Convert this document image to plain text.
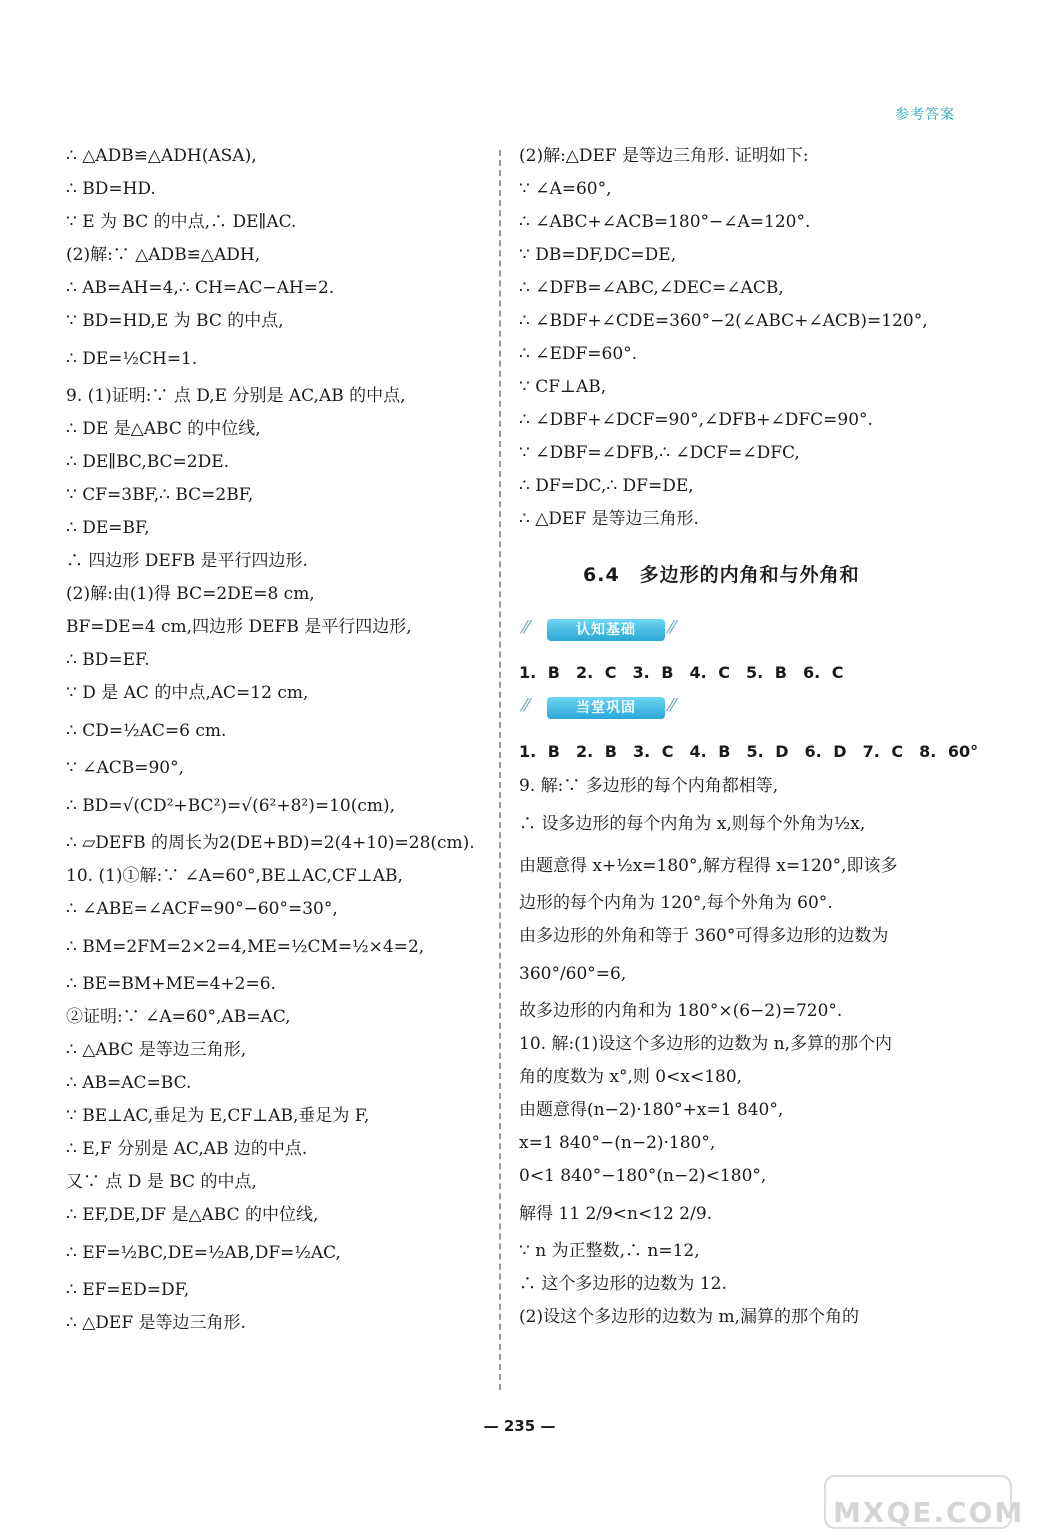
参考答案
∴ △ADB≌△ADH(ASA),
∴ BD=HD.
∵ E 为 BC 的中点,∴ DE∥AC.
(2)解:∵ △ADB≌△ADH,
∴ AB=AH=4,∴ CH=AC−AH=2.
∵ BD=HD,E 为 BC 的中点,
∴ DE=½CH=1.
9. (1)证明:∵ 点 D,E 分别是 AC,AB 的中点,
∴ DE 是△ABC 的中位线,
∴ DE∥BC,BC=2DE.
∵ CF=3BF,∴ BC=2BF,
∴ DE=BF,
∴ 四边形 DEFB 是平行四边形.
(2)解:由(1)得 BC=2DE=8 cm,
BF=DE=4 cm,四边形 DEFB 是平行四边形,
∴ BD=EF.
∵ D 是 AC 的中点,AC=12 cm,
∴ CD=½AC=6 cm.
∵ ∠ACB=90°,
∴ BD=√(CD²+BC²)=√(6²+8²)=10(cm),
∴ ▱DEFB 的周长为2(DE+BD)=2(4+10)=28(cm).
10. (1)①解:∵ ∠A=60°,BE⊥AC,CF⊥AB,
∴ ∠ABE=∠ACF=90°−60°=30°,
∴ BM=2FM=2×2=4,ME=½CM=½×4=2,
∴ BE=BM+ME=4+2=6.
②证明:∵ ∠A=60°,AB=AC,
∴ △ABC 是等边三角形,
∴ AB=AC=BC.
∵ BE⊥AC,垂足为 E,CF⊥AB,垂足为 F,
∴ E,F 分别是 AC,AB 边的中点.
又∵ 点 D 是 BC 的中点,
∴ EF,DE,DF 是△ABC 的中位线,
∴ EF=½BC,DE=½AB,DF=½AC,
∴ EF=ED=DF,
∴ △DEF 是等边三角形.
(2)解:△DEF 是等边三角形. 证明如下:
∵ ∠A=60°,
∴ ∠ABC+∠ACB=180°−∠A=120°.
∵ DB=DF,DC=DE,
∴ ∠DFB=∠ABC,∠DEC=∠ACB,
∴ ∠BDF+∠CDE=360°−2(∠ABC+∠ACB)=120°,
∴ ∠EDF=60°.
∵ CF⊥AB,
∴ ∠DBF+∠DCF=90°,∠DFB+∠DFC=90°.
∵ ∠DBF=∠DFB,∴ ∠DCF=∠DFC,
∴ DF=DC,∴ DF=DE,
∴ △DEF 是等边三角形.
6.4　多边形的内角和与外角和
⁄⁄	认知基础	⁄⁄
1. B　2. C　3. B　4. C　5. B　6. C
⁄⁄	当堂巩固	⁄⁄
1. B　2. B　3. C　4. B　5. D　6. D　7. C　8. 60°
9. 解:∵ 多边形的每个内角都相等,
∴ 设多边形的每个内角为 x,则每个外角为½x,
由题意得 x+½x=180°,解方程得 x=120°,即该多
边形的每个内角为 120°,每个外角为 60°.
由多边形的外角和等于 360°可得多边形的边数为
360°/60°=6,
故多边形的内角和为 180°×(6−2)=720°.
10. 解:(1)设这个多边形的边数为 n,多算的那个内
角的度数为 x°,则 0<x<180,
由题意得(n−2)·180°+x=1 840°,
x=1 840°−(n−2)·180°,
0<1 840°−180°(n−2)<180°,
解得 11 2/9<n<12 2/9.
∵ n 为正整数,∴ n=12,
∴ 这个多边形的边数为 12.
(2)设这个多边形的边数为 m,漏算的那个角的
— 235 —
MXQE.COM
